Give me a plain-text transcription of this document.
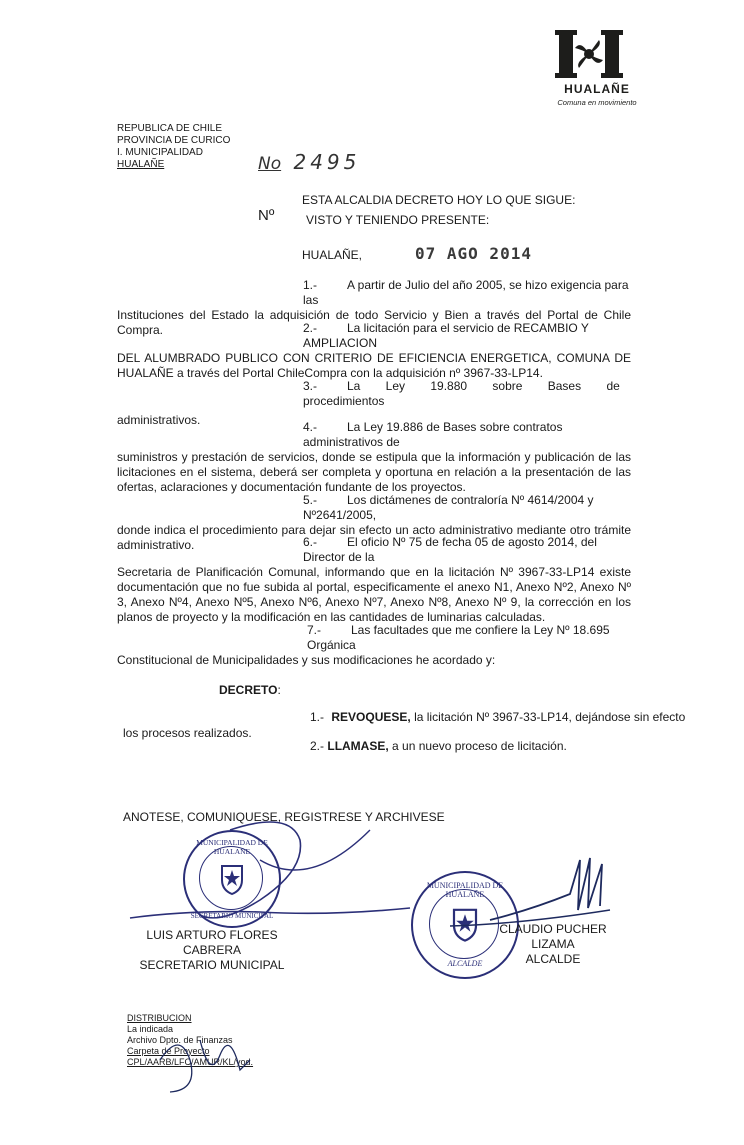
HUALAÑE
Comuna en movimiento
REPUBLICA DE CHILE
PROVINCIA DE CURICO
I. MUNICIPALIDAD
HUALAÑE	No 2495
ESTA ALCALDIA DECRETO HOY LO QUE SIGUE:
Nº	VISTO Y TENIENDO PRESENTE:
HUALAÑE,	07 AGO 2014
1.- A partir de Julio del año 2005, se hizo exigencia para las
Instituciones del Estado la adquisición de todo Servicio y Bien a través del Portal de Chile Compra.	2.- La licitación para el servicio de RECAMBIO Y AMPLIACION
DEL ALUMBRADO PUBLICO CON CRITERIO DE EFICIENCIA ENERGETICA, COMUNA DE HUALAÑE a través del Portal ChileCompra con la adquisición nº 3967-33-LP14.
3.- La Ley 19.880 sobre Bases de procedimientos
administrativos.	4.- La Ley 19.886 de Bases sobre contratos administrativos de
suministros y prestación de servicios, donde se estipula que la información y publicación de las licitaciones en el sistema, deberá ser completa y oportuna en relación a la presentación de las ofertas, aclaraciones y documentación fundante de los proyectos.
5.- Los dictámenes de contraloría Nº 4614/2004 y Nº2641/2005,
donde indica el procedimiento para dejar sin efecto un acto administrativo mediante otro trámite administrativo.	6.- El oficio Nº 75 de fecha 05 de agosto 2014, del Director de la
Secretaria de Planificación Comunal, informando que en la licitación Nº 3967-33-LP14 existe documentación que no fue subida al portal, especificamente el anexo N1, Anexo Nº2, Anexo Nº 3, Anexo Nº4, Anexo Nº5, Anexo Nº6, Anexo Nº7, Anexo Nº8, Anexo Nº 9, la corrección en los planos de proyecto y la modificación en las cantidades de luminarias calculadas.
7.- Las facultades que me confiere la Ley Nº 18.695 Orgánica
Constitucional de Municipalidades y sus modificaciones he acordado y:
DECRETO:
1.- REVOQUESE, la licitación Nº 3967-33-LP14, dejándose sin efecto
los procesos realizados.
2.- LLAMASE, a un nuevo proceso de licitación.
ANOTESE, COMUNIQUESE, REGISTRESE Y ARCHIVESE
MUNICIPALIDAD DE HUALAÑE
SECRETARIO MUNICIPAL
MUNICIPALIDAD DE HUALAÑE
ALCALDE
LUIS ARTURO FLORES CABRERA
SECRETARIO MUNICIPAL
CLAUDIO PUCHER LIZAMA
ALCALDE
DISTRIBUCION
La indicada
Archivo Dpto. de Finanzas
Carpeta de Proyecto
CPL/AARB/LFC/AMUR/KL/yod.
